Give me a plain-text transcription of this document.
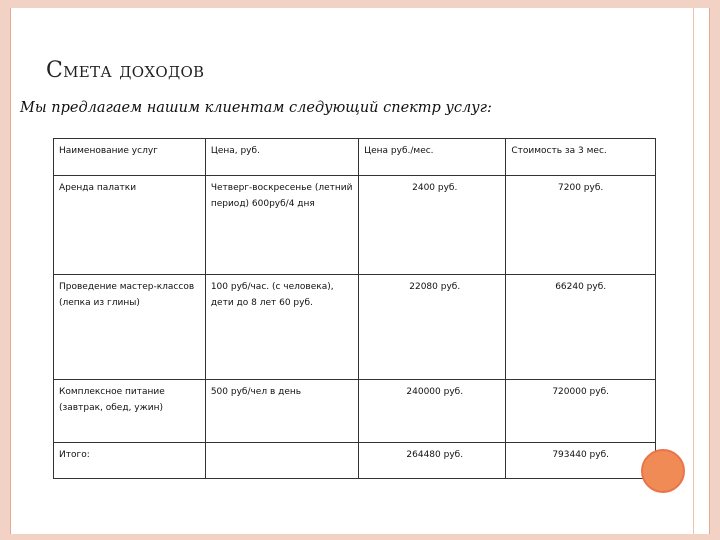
Смета доходов
Мы предлагаем нашим клиентам следующий спектр услуг:
Наименование услуг	Цена, руб.	Цена руб./мес.	Стоимость за 3 мес.
Аренда палатки	Четверг-воскресенье (летний период) 600руб/4 дня	2400 руб.	7200 руб.
Проведение мастер-классов (лепка из глины)	100 руб/час. (с человека), дети до 8 лет 60 руб.	22080 руб.	66240 руб.
Комплексное питание (завтрак, обед, ужин)	500 руб/чел в день	240000 руб.	720000 руб.
Итого:		264480 руб.	793440 руб.
